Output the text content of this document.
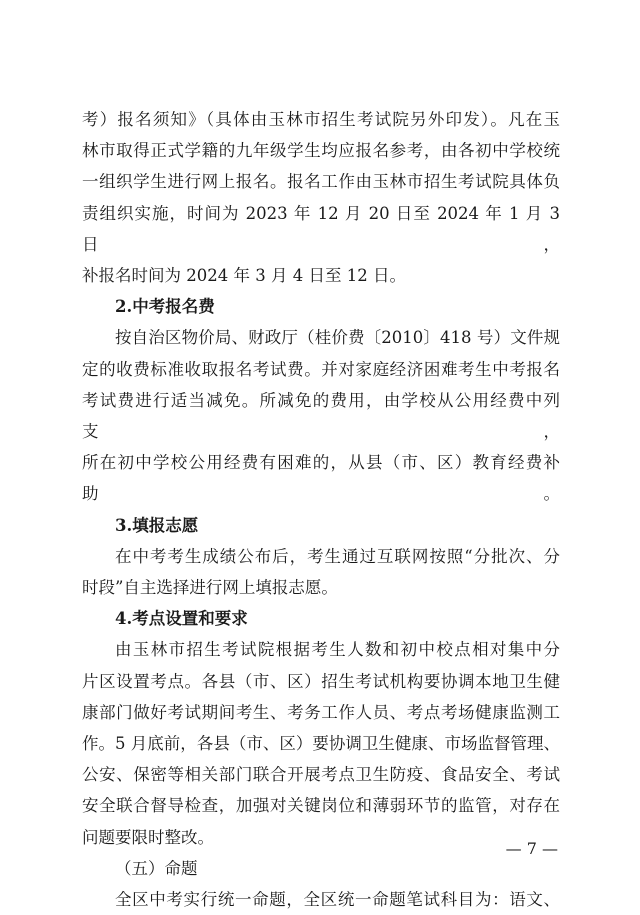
考）报名须知》（具体由玉林市招生考试院另外印发）。凡在玉

林市取得正式学籍的九年级学生均应报名参考，由各初中学校统

一组织学生进行网上报名。报名工作由玉林市招生考试院具体负

责组织实施，时间为 2023 年 12 月 20 日至 2024 年 1 月 3 日，

补报名时间为 2024 年 3 月 4 日至 12 日。

2.中考报名费

按自治区物价局、财政厅（桂价费〔2010〕418 号）文件规

定的收费标准收取报名考试费。并对家庭经济困难考生中考报名

考试费进行适当减免。所减免的费用，由学校从公用经费中列支，

所在初中学校公用经费有困难的，从县（市、区）教育经费补助。

3.填报志愿

在中考考生成绩公布后，考生通过互联网按照“分批次、分

时段”自主选择进行网上填报志愿。

4.考点设置和要求

由玉林市招生考试院根据考生人数和初中校点相对集中分

片区设置考点。各县（市、区）招生考试机构要协调本地卫生健

康部门做好考试期间考生、考务工作人员、考点考场健康监测工

作。5 月底前，各县（市、区）要协调卫生健康、市场监督管理、

公安、保密等相关部门联合开展考点卫生防疫、食品安全、考试

安全联合督导检查，加强对关键岗位和薄弱环节的监管，对存在

问题要限时整改。

（五）命题

全区中考实行统一命题，全区统一命题笔试科目为：语文、

— 7 —
